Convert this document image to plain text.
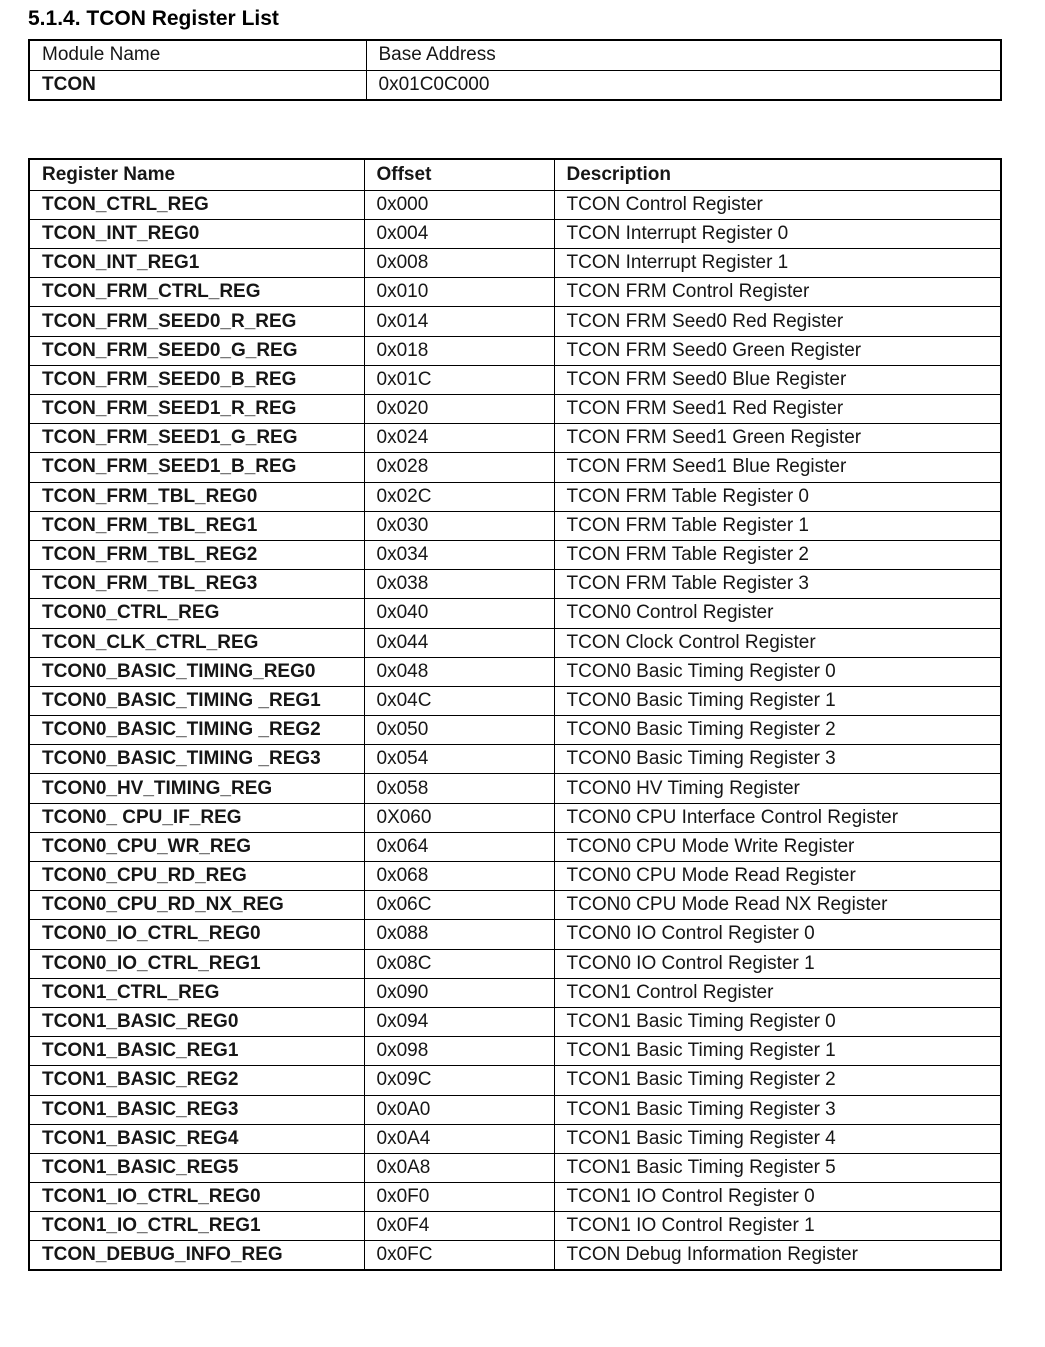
5.1.4. TCON Register List
Module Name	Base Address
TCON	0x01C0C000
Register Name	Offset	Description
TCON_CTRL_REG	0x000	TCON Control Register
TCON_INT_REG0	0x004	TCON Interrupt Register 0
TCON_INT_REG1	0x008	TCON Interrupt Register 1
TCON_FRM_CTRL_REG	0x010	TCON FRM Control Register
TCON_FRM_SEED0_R_REG	0x014	TCON FRM Seed0 Red Register
TCON_FRM_SEED0_G_REG	0x018	TCON FRM Seed0 Green Register
TCON_FRM_SEED0_B_REG	0x01C	TCON FRM Seed0 Blue Register
TCON_FRM_SEED1_R_REG	0x020	TCON FRM Seed1 Red Register
TCON_FRM_SEED1_G_REG	0x024	TCON FRM Seed1 Green Register
TCON_FRM_SEED1_B_REG	0x028	TCON FRM Seed1 Blue Register
TCON_FRM_TBL_REG0	0x02C	TCON FRM Table Register 0
TCON_FRM_TBL_REG1	0x030	TCON FRM Table Register 1
TCON_FRM_TBL_REG2	0x034	TCON FRM Table Register 2
TCON_FRM_TBL_REG3	0x038	TCON FRM Table Register 3
TCON0_CTRL_REG	0x040	TCON0 Control Register
TCON_CLK_CTRL_REG	0x044	TCON Clock Control Register
TCON0_BASIC_TIMING_REG0	0x048	TCON0 Basic Timing Register 0
TCON0_BASIC_TIMING _REG1	0x04C	TCON0 Basic Timing Register 1
TCON0_BASIC_TIMING _REG2	0x050	TCON0 Basic Timing Register 2
TCON0_BASIC_TIMING _REG3	0x054	TCON0 Basic Timing Register 3
TCON0_HV_TIMING_REG	0x058	TCON0 HV Timing Register
TCON0_ CPU_IF_REG	0X060	TCON0 CPU Interface Control Register
TCON0_CPU_WR_REG	0x064	TCON0 CPU Mode Write Register
TCON0_CPU_RD_REG	0x068	TCON0 CPU Mode Read Register
TCON0_CPU_RD_NX_REG	0x06C	TCON0 CPU Mode Read NX Register
TCON0_IO_CTRL_REG0	0x088	TCON0 IO Control Register 0
TCON0_IO_CTRL_REG1	0x08C	TCON0 IO Control Register 1
TCON1_CTRL_REG	0x090	TCON1 Control Register
TCON1_BASIC_REG0	0x094	TCON1 Basic Timing Register 0
TCON1_BASIC_REG1	0x098	TCON1 Basic Timing Register 1
TCON1_BASIC_REG2	0x09C	TCON1 Basic Timing Register 2
TCON1_BASIC_REG3	0x0A0	TCON1 Basic Timing Register 3
TCON1_BASIC_REG4	0x0A4	TCON1 Basic Timing Register 4
TCON1_BASIC_REG5	0x0A8	TCON1 Basic Timing Register 5
TCON1_IO_CTRL_REG0	0x0F0	TCON1 IO Control Register 0
TCON1_IO_CTRL_REG1	0x0F4	TCON1 IO Control Register 1
TCON_DEBUG_INFO_REG	0x0FC	TCON Debug Information Register
